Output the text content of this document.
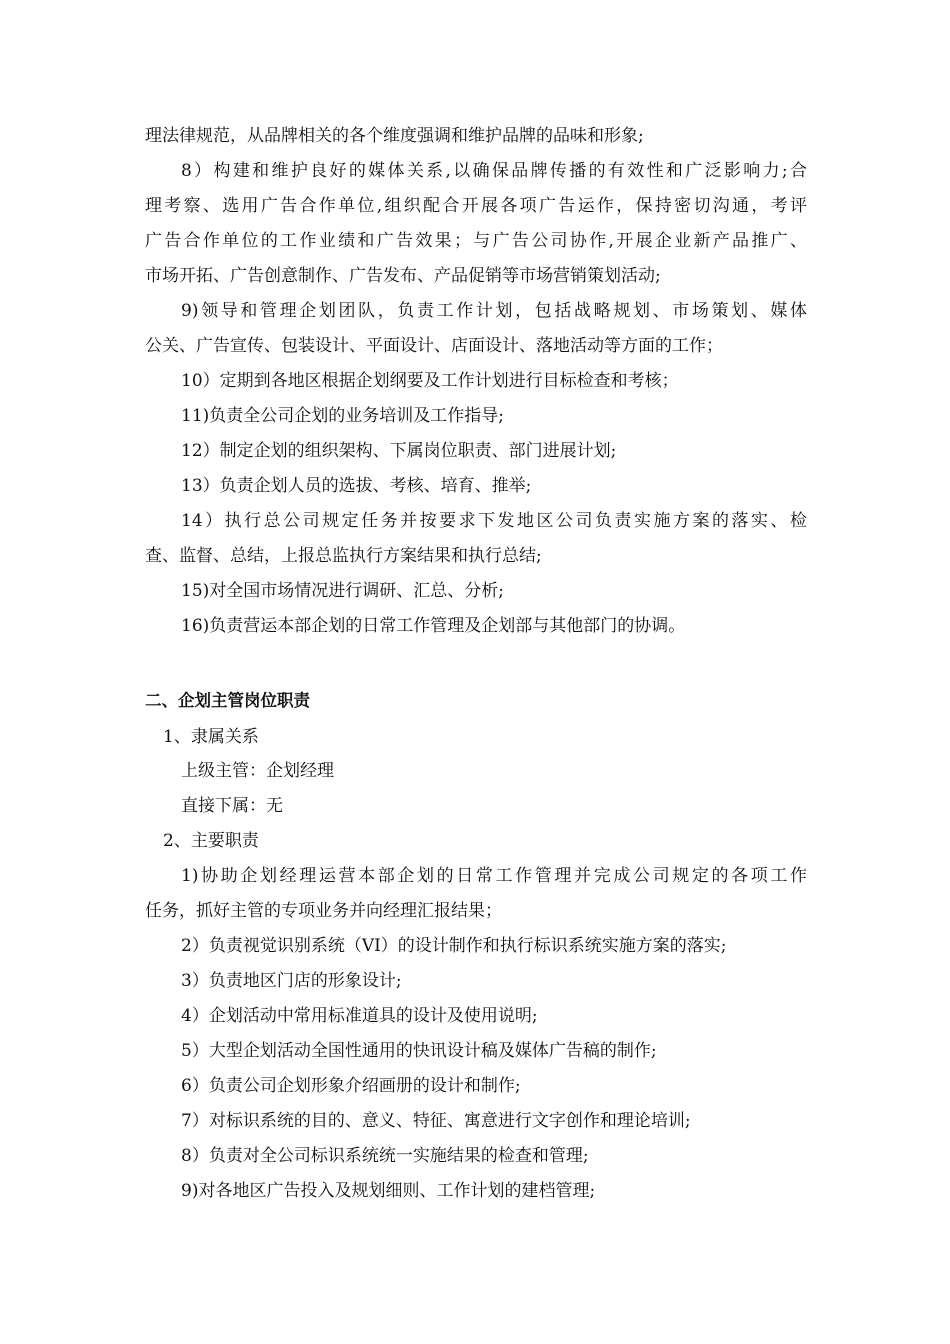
理法律规范，从品牌相关的各个维度强调和维护品牌的品味和形象;
8）构建和维护良好的媒体关系,以确保品牌传播的有效性和广泛影响力;合
理考察、选用广告合作单位,组织配合开展各项广告运作，保持密切沟通，考评
广告合作单位的工作业绩和广告效果；与广告公司协作,开展企业新产品推广、
市场开拓、广告创意制作、广告发布、产品促销等市场营销策划活动;
9)领导和管理企划团队，负责工作计划，包括战略规划、市场策划、媒体
公关、广告宣传、包装设计、平面设计、店面设计、落地活动等方面的工作；
10）定期到各地区根据企划纲要及工作计划进行目标检查和考核；
11)负责全公司企划的业务培训及工作指导;
12）制定企划的组织架构、下属岗位职责、部门进展计划;
13）负责企划人员的选拔、考核、培育、推举;
14）执行总公司规定任务并按要求下发地区公司负责实施方案的落实、检
查、监督、总结，上报总监执行方案结果和执行总结;
15)对全国市场情况进行调研、汇总、分析;
16)负责营运本部企划的日常工作管理及企划部与其他部门的协调。
二、企划主管岗位职责
1、隶属关系
上级主管：企划经理
直接下属：无
2、主要职责
1)协助企划经理运营本部企划的日常工作管理并完成公司规定的各项工作
任务，抓好主管的专项业务并向经理汇报结果；
2）负责视觉识别系统（VI）的设计制作和执行标识系统实施方案的落实;
3）负责地区门店的形象设计;
4）企划活动中常用标准道具的设计及使用说明;
5）大型企划活动全国性通用的快讯设计稿及媒体广告稿的制作;
6）负责公司企划形象介绍画册的设计和制作;
7）对标识系统的目的、意义、特征、寓意进行文字创作和理论培训;
8）负责对全公司标识系统统一实施结果的检查和管理;
9)对各地区广告投入及规划细则、工作计划的建档管理;
